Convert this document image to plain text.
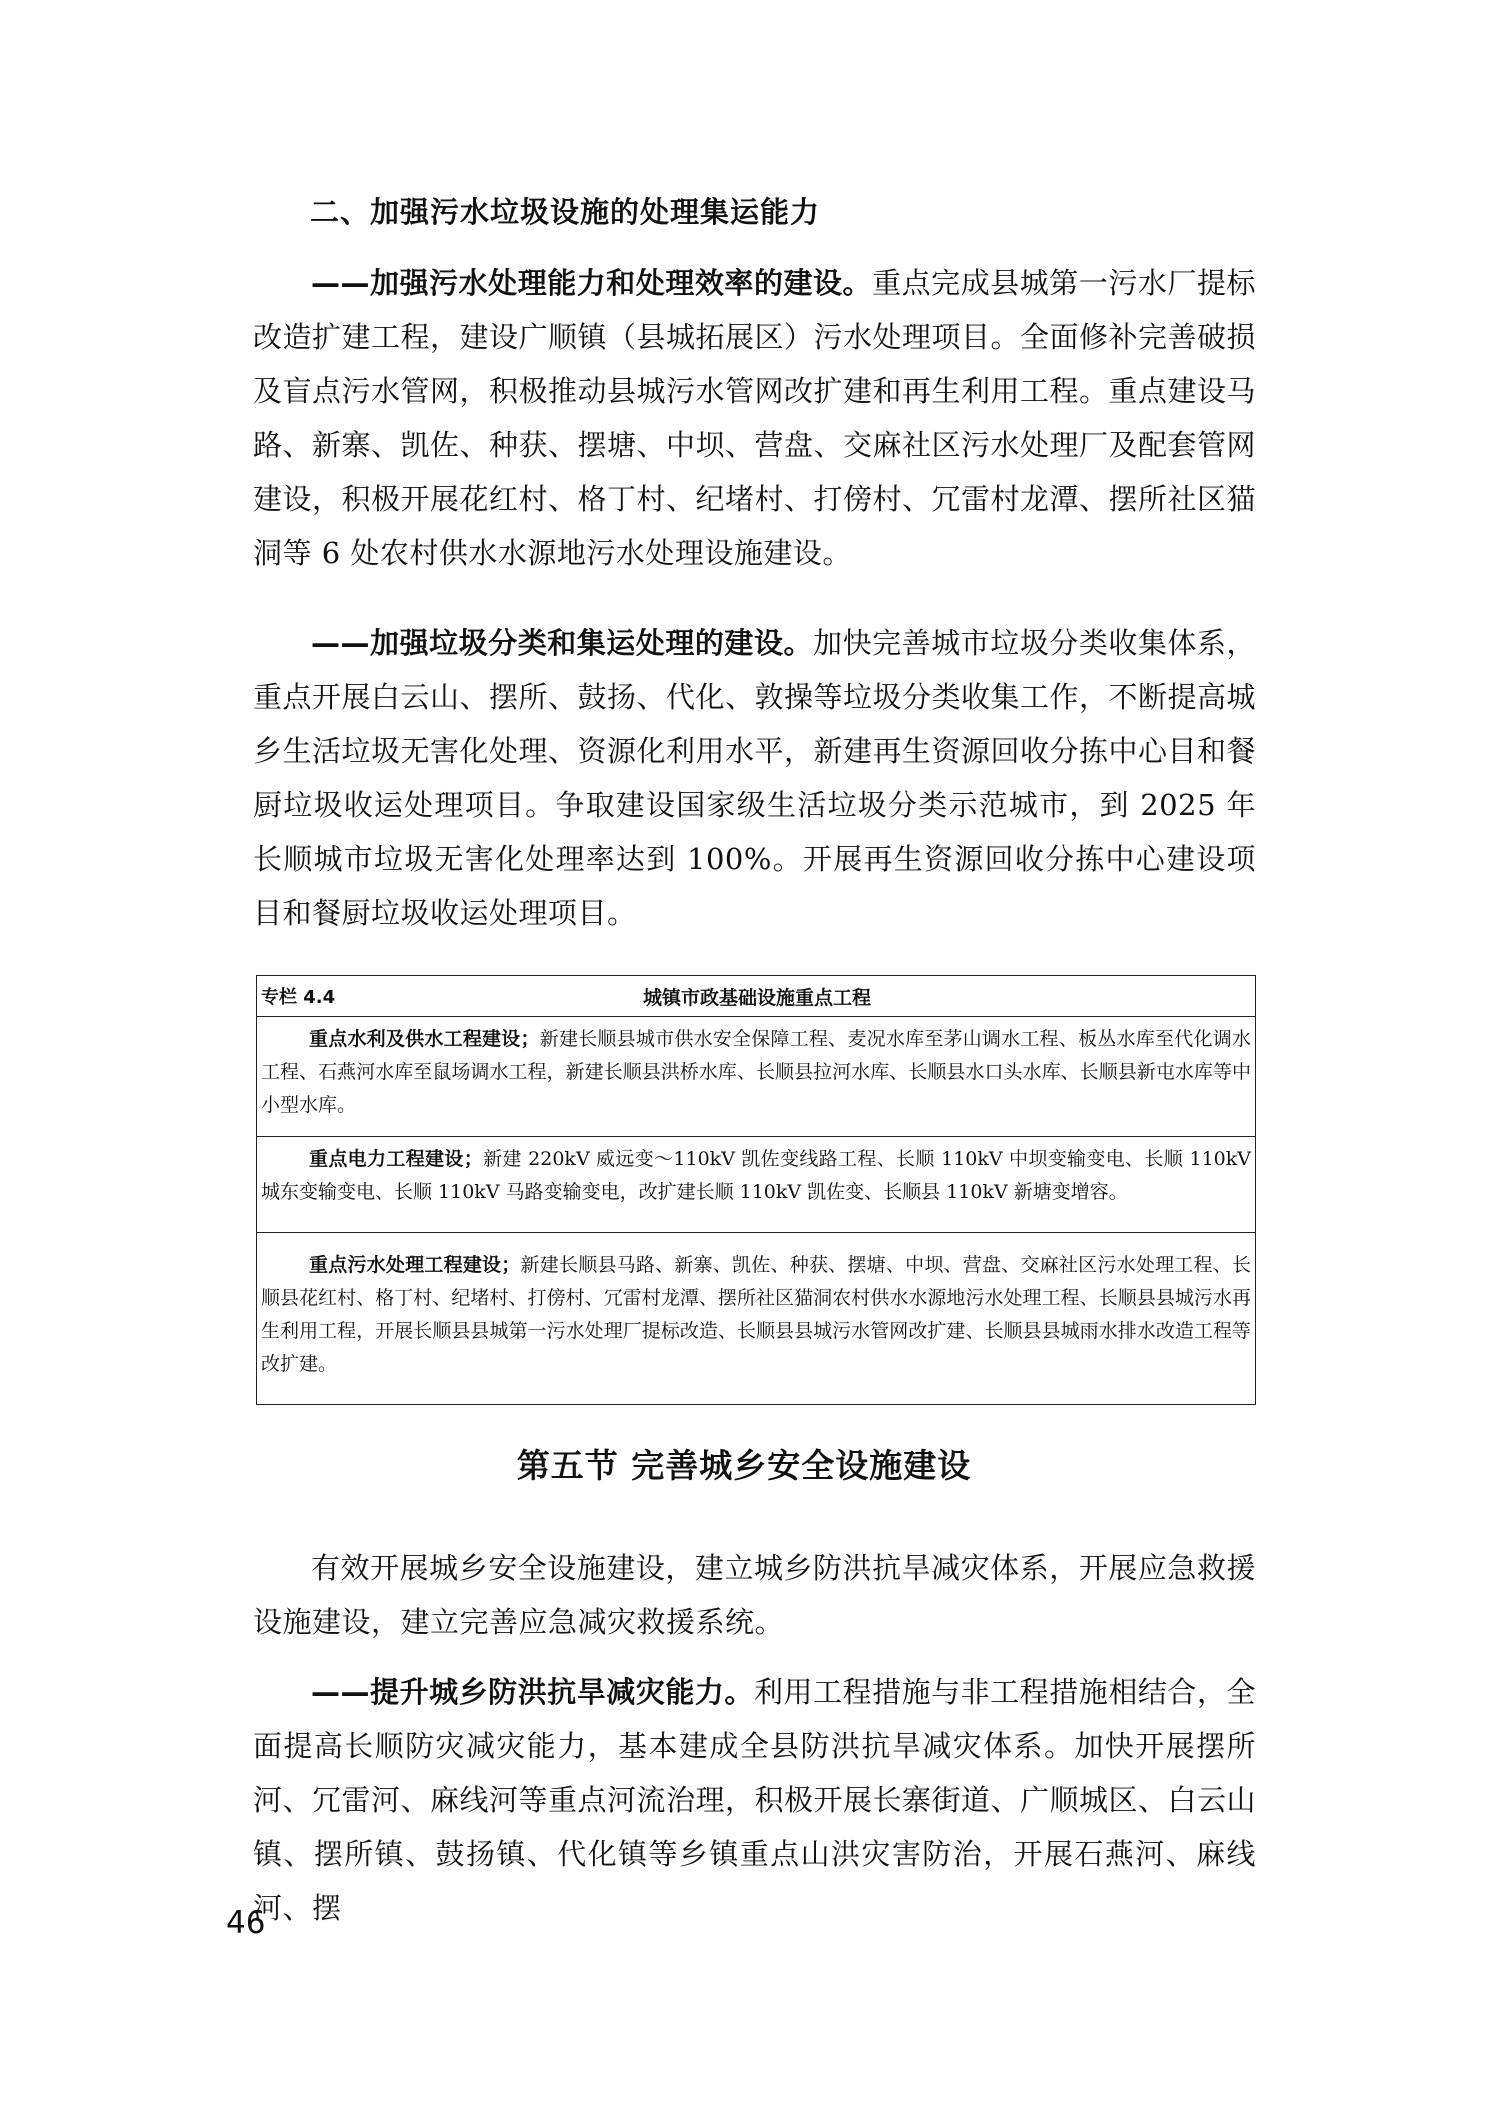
二、加强污水垃圾设施的处理集运能力
——加强污水处理能力和处理效率的建设。重点完成县城第一污水厂提标改造扩建工程，建设广顺镇（县城拓展区）污水处理项目。全面修补完善破损及盲点污水管网，积极推动县城污水管网改扩建和再生利用工程。重点建设马路、新寨、凯佐、种获、摆塘、中坝、营盘、交麻社区污水处理厂及配套管网建设，积极开展花红村、格丁村、纪堵村、打傍村、冗雷村龙潭、摆所社区猫洞等 6 处农村供水水源地污水处理设施建设。
——加强垃圾分类和集运处理的建设。加快完善城市垃圾分类收集体系，重点开展白云山、摆所、鼓扬、代化、敦操等垃圾分类收集工作，不断提高城乡生活垃圾无害化处理、资源化利用水平，新建再生资源回收分拣中心目和餐厨垃圾收运处理项目。争取建设国家级生活垃圾分类示范城市，到 2025 年长顺城市垃圾无害化处理率达到 100%。开展再生资源回收分拣中心建设项目和餐厨垃圾收运处理项目。
专栏 4.4	城镇市政基础设施重点工程
重点水利及供水工程建设；新建长顺县城市供水安全保障工程、麦况水库至茅山调水工程、板丛水库至代化调水工程、石燕河水库至鼠场调水工程，新建长顺县洪桥水库、长顺县拉河水库、长顺县水口头水库、长顺县新屯水库等中小型水库。
重点电力工程建设；新建 220kV 威远变～110kV 凯佐变线路工程、长顺 110kV 中坝变输变电、长顺 110kV 城东变输变电、长顺 110kV 马路变输变电，改扩建长顺 110kV 凯佐变、长顺县 110kV 新塘变增容。
重点污水处理工程建设；新建长顺县马路、新寨、凯佐、种获、摆塘、中坝、营盘、交麻社区污水处理工程、长顺县花红村、格丁村、纪堵村、打傍村、冗雷村龙潭、摆所社区猫洞农村供水水源地污水处理工程、长顺县县城污水再生利用工程，开展长顺县县城第一污水处理厂提标改造、长顺县县城污水管网改扩建、长顺县县城雨水排水改造工程等改扩建。
第五节 完善城乡安全设施建设
有效开展城乡安全设施建设，建立城乡防洪抗旱减灾体系，开展应急救援设施建设，建立完善应急减灾救援系统。
——提升城乡防洪抗旱减灾能力。利用工程措施与非工程措施相结合，全面提高长顺防灾减灾能力，基本建成全县防洪抗旱减灾体系。加快开展摆所河、冗雷河、麻线河等重点河流治理，积极开展长寨街道、广顺城区、白云山镇、摆所镇、鼓扬镇、代化镇等乡镇重点山洪灾害防治，开展石燕河、麻线河、摆
46
